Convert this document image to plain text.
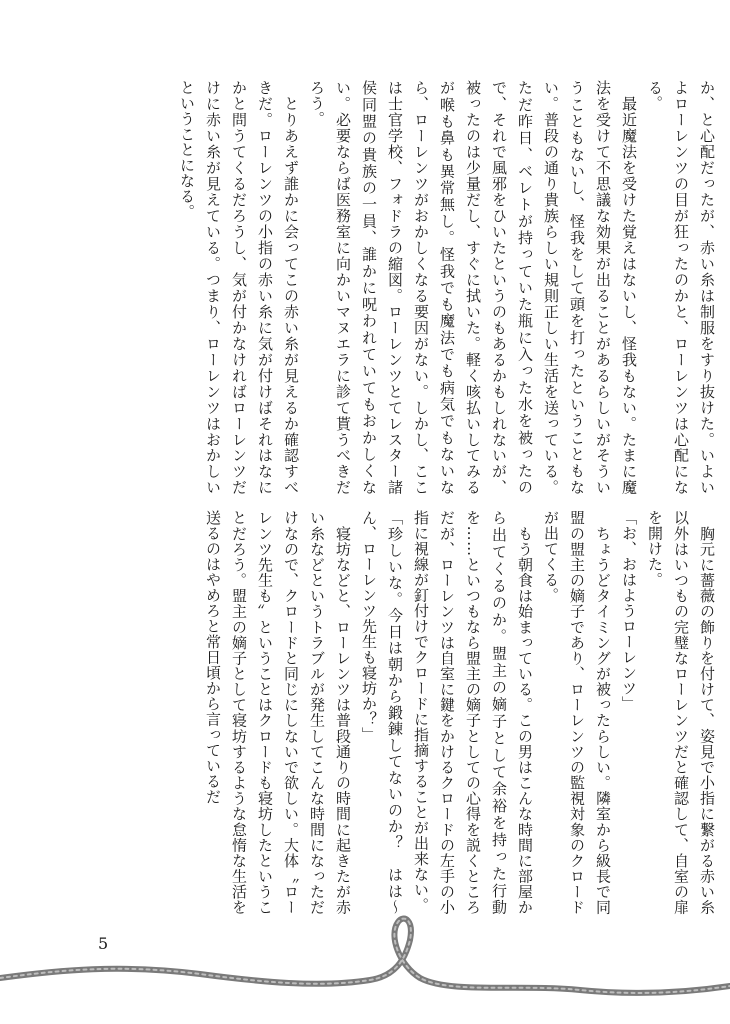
か、と心配だったが、赤い糸は制服をすり抜けた。いよいよローレンツの目が狂ったのかと、ローレンツは心配になる。

　最近魔法を受けた覚えはないし、怪我もない。たまに魔法を受けて不思議な効果が出ることがあるらしいがそういうこともないし、怪我をして頭を打ったということもない。普段の通り貴族らしい規則正しい生活を送っている。ただ昨日、ベレトが持っていた瓶に入った水を被ったので、それで風邪をひいたというのもあるかもしれないが、被ったのは少量だし、すぐに拭いた。軽く咳払いしてみるが喉も鼻も異常無し。怪我でも魔法でも病気でもないなら、ローレンツがおかしくなる要因がない。しかし、ここは士官学校、フォドラの縮図。ローレンツとてレスター諸侯同盟の貴族の一員、誰かに呪われていてもおかしくない。必要ならば医務室に向かいマヌエラに診て貰うべきだろう。

　とりあえず誰かに会ってこの赤い糸が見えるか確認すべきだ。ローレンツの小指の赤い糸に気が付けばそれはなにかと問うてくるだろうし、気が付かなければローレンツだけに赤い糸が見えている。つまり、ローレンツはおかしいということになる。

　胸元に薔薇の飾りを付けて、姿見で小指に繋がる赤い糸以外はいつもの完璧なローレンツだと確認して、自室の扉を開けた。

「お、おはようローレンツ」

　ちょうどタイミングが被ったらしい。隣室から級長で同盟の盟主の嫡子であり、ローレンツの監視対象のクロードが出てくる。

　もう朝食は始まっている。この男はこんな時間に部屋から出てくるのか。盟主の嫡子として余裕を持った行動を……といつもなら盟主の嫡子としての心得を説くところだが、ローレンツは自室に鍵をかけるクロードの左手の小指に視線が釘付けでクロードに指摘することが出来ない。

「珍しいな。今日は朝から鍛錬してないのか？　はは〜ん、ローレンツ先生も寝坊か？」

　寝坊などと、ローレンツは普段通りの時間に起きたが赤い糸などというトラブルが発生してこんな時間になっただけなので、クロードと同じにしないで欲しい。大体〝ローレンツ先生も〟ということはクロードも寝坊したということだろう。盟主の嫡子として寝坊するような怠惰な生活を送るのはやめろと常日頃から言っているだ

5
